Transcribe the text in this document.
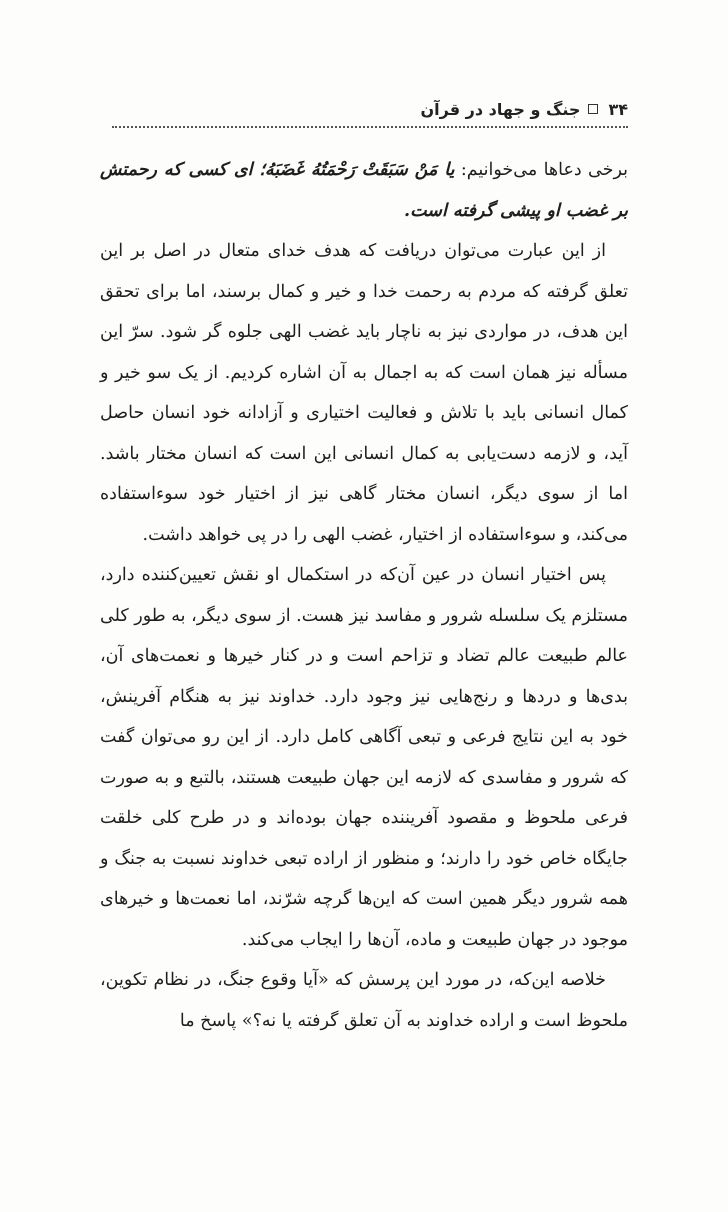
۳۴
جنگ و جهاد در قرآن

برخی دعاها می‌خوانیم: یا مَنْ سَبَقَتْ رَحْمَتُهُ غَضَبَهُ؛ ای کسی که رحمتش بر غضب او پیشی گرفته است.

از این عبارت می‌توان دریافت که هدف خدای متعال در اصل بر این تعلق گرفته که مردم به رحمت خدا و خیر و کمال برسند، اما برای تحقق این هدف، در مواردی نیز به ناچار باید غضب الهی جلوه گر شود. سرّ این مسأله نیز همان است که به اجمال به آن اشاره کردیم. از یک سو خیر و کمال انسانی باید با تلاش و فعالیت اختیاری و آزادانه خود انسان حاصل آید، و لازمه دست‌یابی به کمال انسانی این است که انسان مختار باشد. اما از سوی دیگر، انسان مختار گاهی نیز از اختیار خود سوءاستفاده می‌کند، و سوءاستفاده از اختیار، غضب الهی را در پی خواهد داشت.

پس اختیار انسان در عین آن‌که در استکمال او نقش تعیین‌کننده دارد، مستلزم یک سلسله شرور و مفاسد نیز هست. از سوی دیگر، به طور کلی عالم طبیعت عالم تضاد و تزاحم است و در کنار خیرها و نعمت‌های آن، بدی‌ها و دردها و رنج‌هایی نیز وجود دارد. خداوند نیز به هنگام آفرینش، خود به این نتایج فرعی و تبعی آگاهی کامل دارد. از این رو می‌توان گفت که شرور و مفاسدی که لازمه این جهان طبیعت هستند، بالتبع و به صورت فرعی ملحوظ و مقصود آفریننده جهان بوده‌اند و در طرح کلی خلقت جایگاه خاص خود را دارند؛ و منظور از اراده تبعی خداوند نسبت به جنگ و همه شرور دیگر همین است که این‌ها گرچه شرّند، اما نعمت‌ها و خیرهای موجود در جهان طبیعت و ماده، آن‌ها را ایجاب می‌کند.

خلاصه این‌که، در مورد این پرسش که «آیا وقوع جنگ، در نظام تکوین، ملحوظ است و اراده خداوند به آن تعلق گرفته یا نه؟» پاسخ ما
